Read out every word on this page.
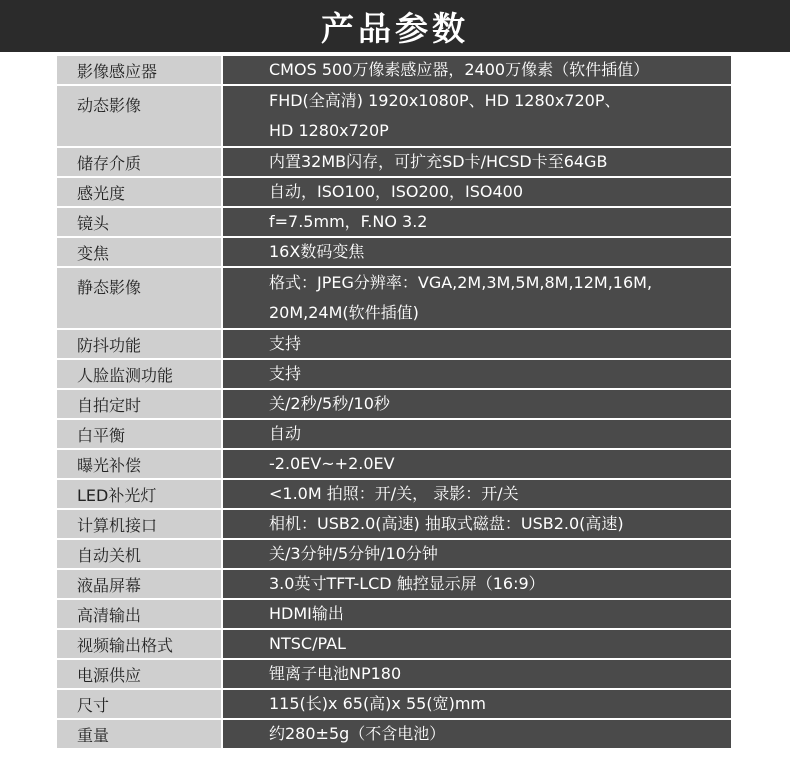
产品参数
影像感应器	CMOS 500万像素感应器，2400万像素（软件插值）
动态影像	FHD(全高清) 1920x1080P、HD 1280x720P、
HD 1280x720P
储存介质	内置32MB闪存，可扩充SD卡/HCSD卡至64GB
感光度	自动，ISO100，ISO200，ISO400
镜头	f=7.5mm，F.NO 3.2
变焦	16X数码变焦
静态影像	格式：JPEG分辨率：VGA,2M,3M,5M,8M,12M,16M,
20M,24M(软件插值)
防抖功能	支持
人脸监测功能	支持
自拍定时	关/2秒/5秒/10秒
白平衡	自动
曝光补偿	-2.0EV~+2.0EV
LED补光灯	<1.0M 拍照：开/关， 录影：开/关
计算机接口	相机：USB2.0(高速) 抽取式磁盘：USB2.0(高速)
自动关机	关/3分钟/5分钟/10分钟
液晶屏幕	3.0英寸TFT-LCD 触控显示屏（16:9）
高清输出	HDMI输出
视频输出格式	NTSC/PAL
电源供应	锂离子电池NP180
尺寸	115(长)x 65(高)x 55(宽)mm
重量	约280±5g（不含电池）
